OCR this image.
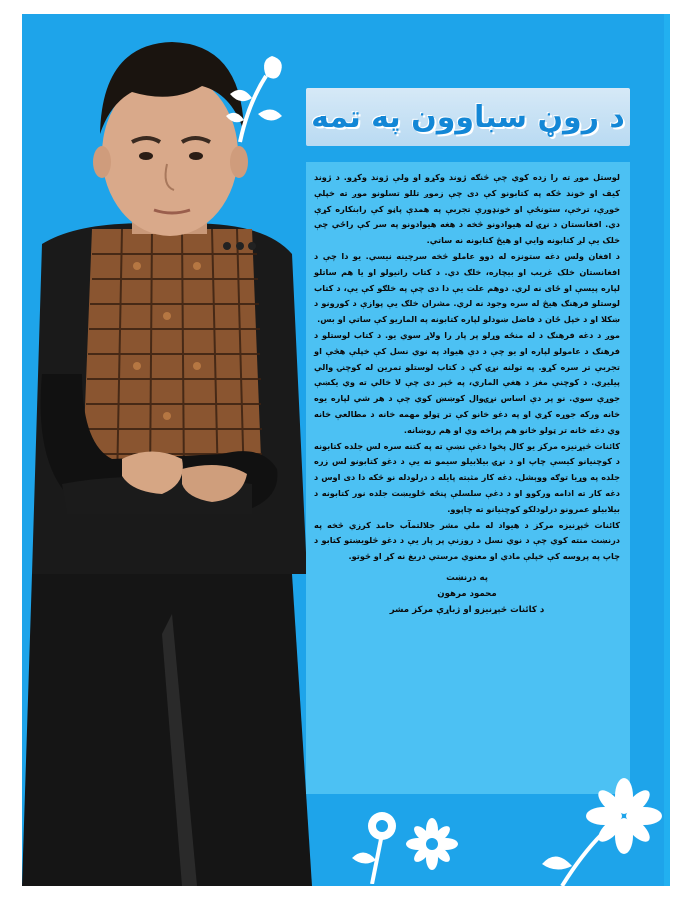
د روڼ سباوون په تمه

لوستل موږ ته را زده کوي چې څنګه ژوند وکړو او ولې ژوند وکړو. د ژوند کیف او خوند څکه په کتابونو کې دی چې زموږ تللو تسلونو موږ ته خپلې خوږې، ترخې، ستونځې او خونډورې تجربې په همدې پاڼو کې رابنکاره کړې دي. افغانستان د نړۍ له هیوادونو څخه د هغه هیوادونو په سر کې راځي چې خلک یې لږ کتابونه وایي او هیڅ کتابونه نه ساتي.

د افغان ولس دغه ستونزه له دوو عاملو څخه سرچینه نیسي. یو دا چې د افغانستان خلک غریب او بیچاره، خلګ دي. د کتاب رانیولو او یا هم ساتلو لپاره پیسې او ځای نه لري. دوهم علت یې دا دی چې په خلګو کې یې، د کتاب لوستلو فرهنګ هیڅ له سره وجود نه لري. مشران خلګ یې پوازې د کورونو د ښکلا او د خپل ځان د فاضل ښودلو لپاره کتابونه په الماریو کې ساتي او بس.

موږ د دغه فرهنګ د له منځه وړلو پر پار را ولاړ سوي یو. د کتاب لوستلو د فرهنګ د عامولو لپاره او یو چې د دې هیواد په نوي نسل کې خپلې هڅې او تجربې تر سره کړو. په تولنه نړۍ کې د کتاب لوستلو تمرین له کوچنۍ والي پیلیږي. د کوچنې مغز د هغې الماري، په څېر دی چې لا خالي ته وي یکښې جوړې سوي. نو پر دې اساس نړۍوال کوښښ کوي چې د هر شي لپاره یوه خانه ورکه جوړه کړي او په دغو خانو کې تر ټولو مهمه خانه د مطالعې خانه وي دغه خانه تر ټولو خانو هم پراخه وي او هم روښانه.

کائنات څېړنیزه مرکز یو کال پخوا دغې نښې ته په کتنه سره لس جلده کتابونه د کوچنیانو کیسې چاپ او د نړۍ بیلابیلو سیمو ته یې د دغو کتابونو لس زره جلده په وړیا توګه ووېشل. دغه کار مثبته پایله د درلودله نو څکه دا دی اوس د دغه کار ته ادامه ورکوو او د دغې سلسلې پنځه څلویښت جلده نور کتابونه د بیلابیلو عمرونو درلودلکو کوچنیانو ته چاپوو.

کائنات څېړنیزه مرکز د هیواد له ملي مشر جلالتمآب حامد کرزي څخه په درنښت منته کوي چې د نوي نسل د روزنې پر پار یې د دغو څلویښتو کتابو د چاپ په پروسه کې خپلې مادي او معنوي مرستي دریغ نه کړ او څوتو.

په درنښت
محمود مرهون
د کائنات څېړنیزو او ژباړې مرکز مشر
